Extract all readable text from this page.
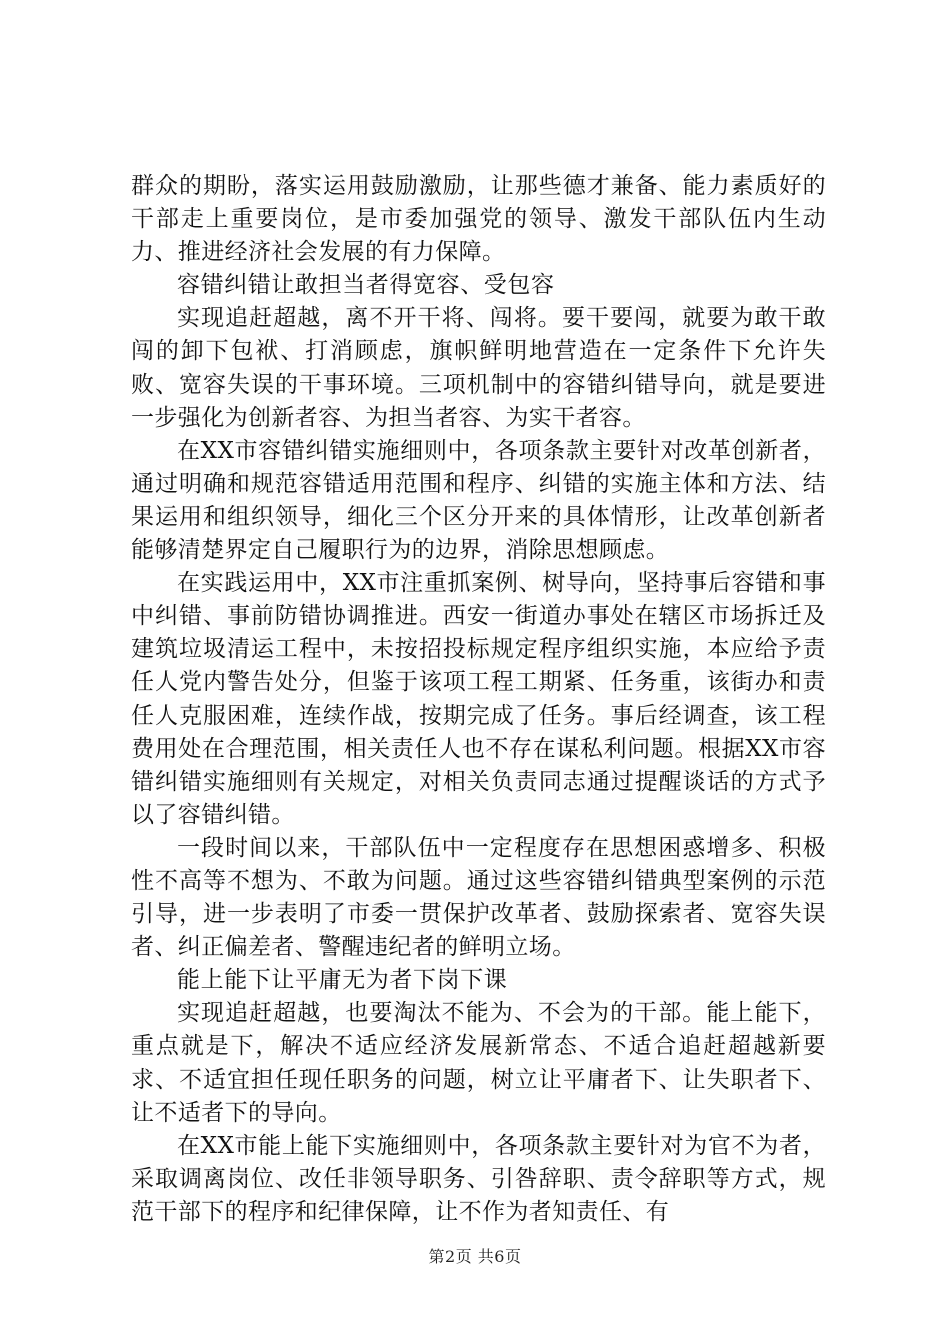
群众的期盼，落实运用鼓励激励，让那些德才兼备、能力素质好的干部走上重要岗位，是市委加强党的领导、激发干部队伍内生动力、推进经济社会发展的有力保障。

容错纠错让敢担当者得宽容、受包容

实现追赶超越，离不开干将、闯将。要干要闯，就要为敢干敢闯的卸下包袱、打消顾虑，旗帜鲜明地营造在一定条件下允许失败、宽容失误的干事环境。三项机制中的容错纠错导向，就是要进一步强化为创新者容、为担当者容、为实干者容。

在XX市容错纠错实施细则中，各项条款主要针对改革创新者，通过明确和规范容错适用范围和程序、纠错的实施主体和方法、结果运用和组织领导，细化三个区分开来的具体情形，让改革创新者能够清楚界定自己履职行为的边界，消除思想顾虑。

在实践运用中，XX市注重抓案例、树导向，坚持事后容错和事中纠错、事前防错协调推进。西安一街道办事处在辖区市场拆迁及建筑垃圾清运工程中，未按招投标规定程序组织实施，本应给予责任人党内警告处分，但鉴于该项工程工期紧、任务重，该街办和责任人克服困难，连续作战，按期完成了任务。事后经调查，该工程费用处在合理范围，相关责任人也不存在谋私利问题。根据XX市容错纠错实施细则有关规定，对相关负责同志通过提醒谈话的方式予以了容错纠错。

一段时间以来，干部队伍中一定程度存在思想困惑增多、积极性不高等不想为、不敢为问题。通过这些容错纠错典型案例的示范引导，进一步表明了市委一贯保护改革者、鼓励探索者、宽容失误者、纠正偏差者、警醒违纪者的鲜明立场。

能上能下让平庸无为者下岗下课

实现追赶超越，也要淘汰不能为、不会为的干部。能上能下，重点就是下，解决不适应经济发展新常态、不适合追赶超越新要求、不适宜担任现任职务的问题，树立让平庸者下、让失职者下、让不适者下的导向。

在XX市能上能下实施细则中，各项条款主要针对为官不为者，采取调离岗位、改任非领导职务、引咎辞职、责令辞职等方式，规范干部下的程序和纪律保障，让不作为者知责任、有

第2页 共6页
